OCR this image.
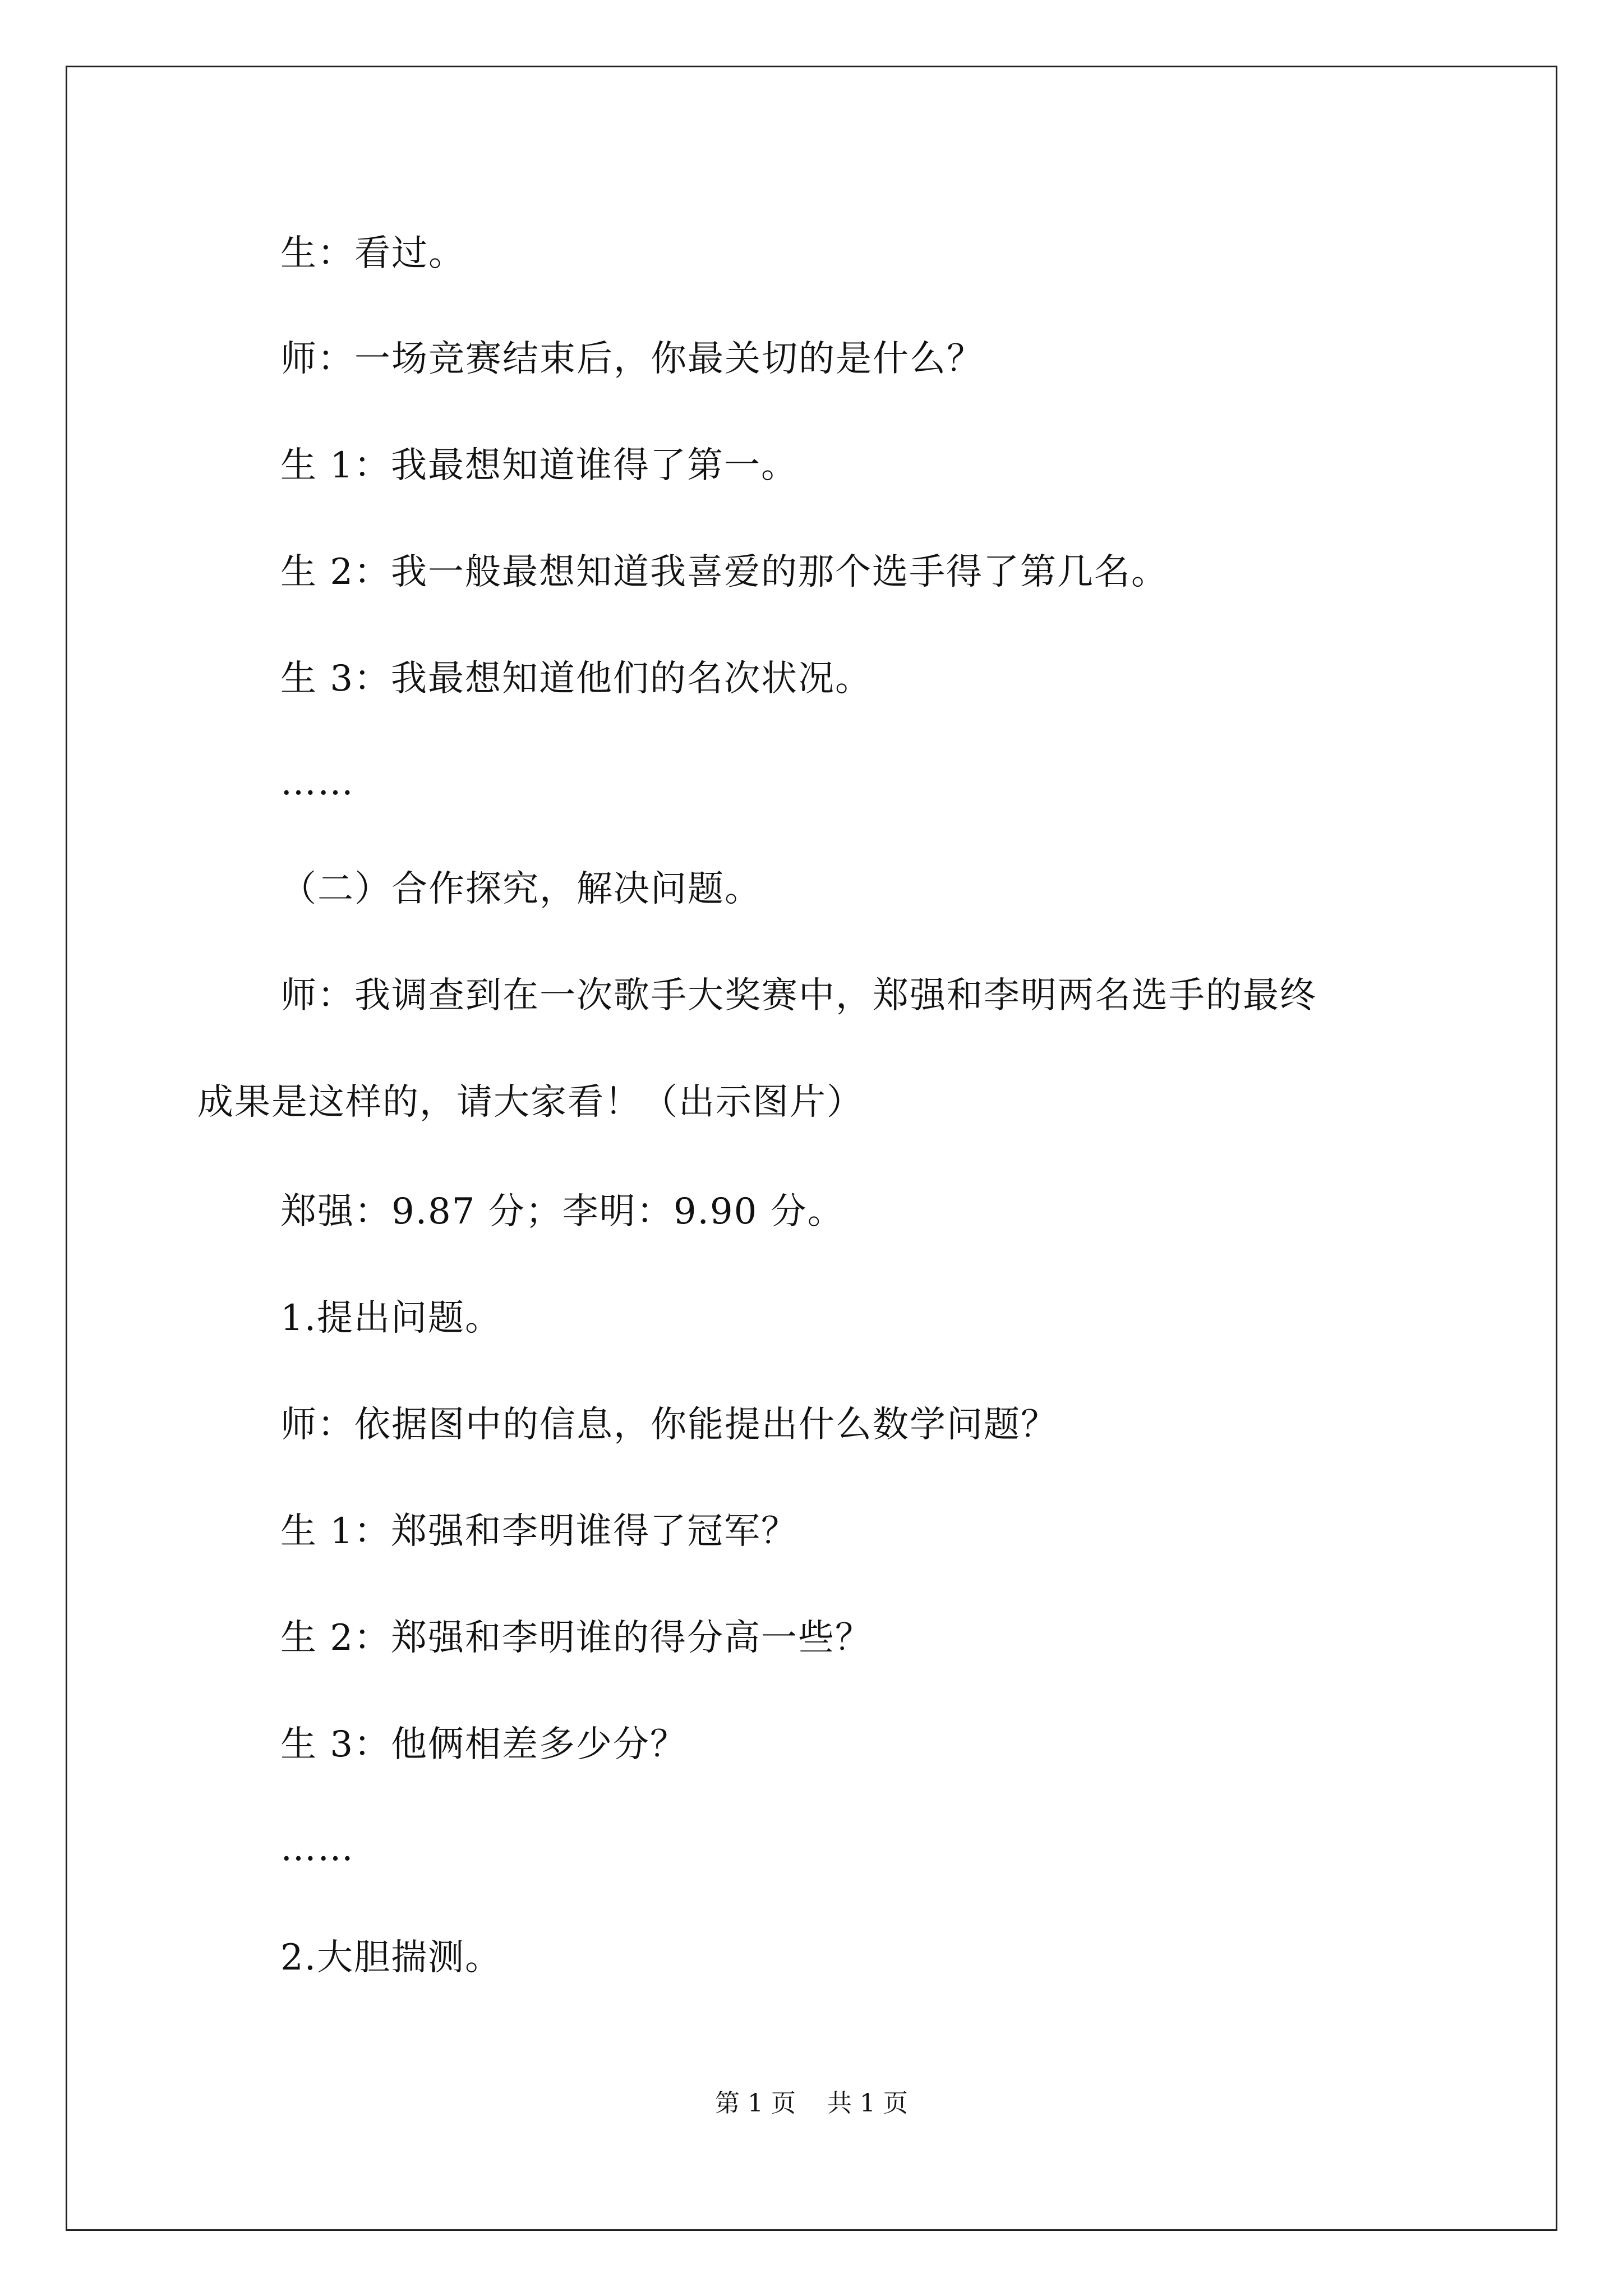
生：看过。
师：一场竞赛结束后，你最关切的是什么？
生 1：我最想知道谁得了第一。
生 2：我一般最想知道我喜爱的那个选手得了第几名。
生 3：我最想知道他们的名次状况。
……
（二）合作探究，解决问题。
师：我调查到在一次歌手大奖赛中，郑强和李明两名选手的最终
成果是这样的，请大家看！（出示图片）
郑强：9.87 分；李明：9.90 分。
1.提出问题。
师：依据图中的信息，你能提出什么数学问题？
生 1：郑强和李明谁得了冠军？
生 2：郑强和李明谁的得分高一些？
生 3：他俩相差多少分？
……
2.大胆揣测。
第 1 页    共 1 页
